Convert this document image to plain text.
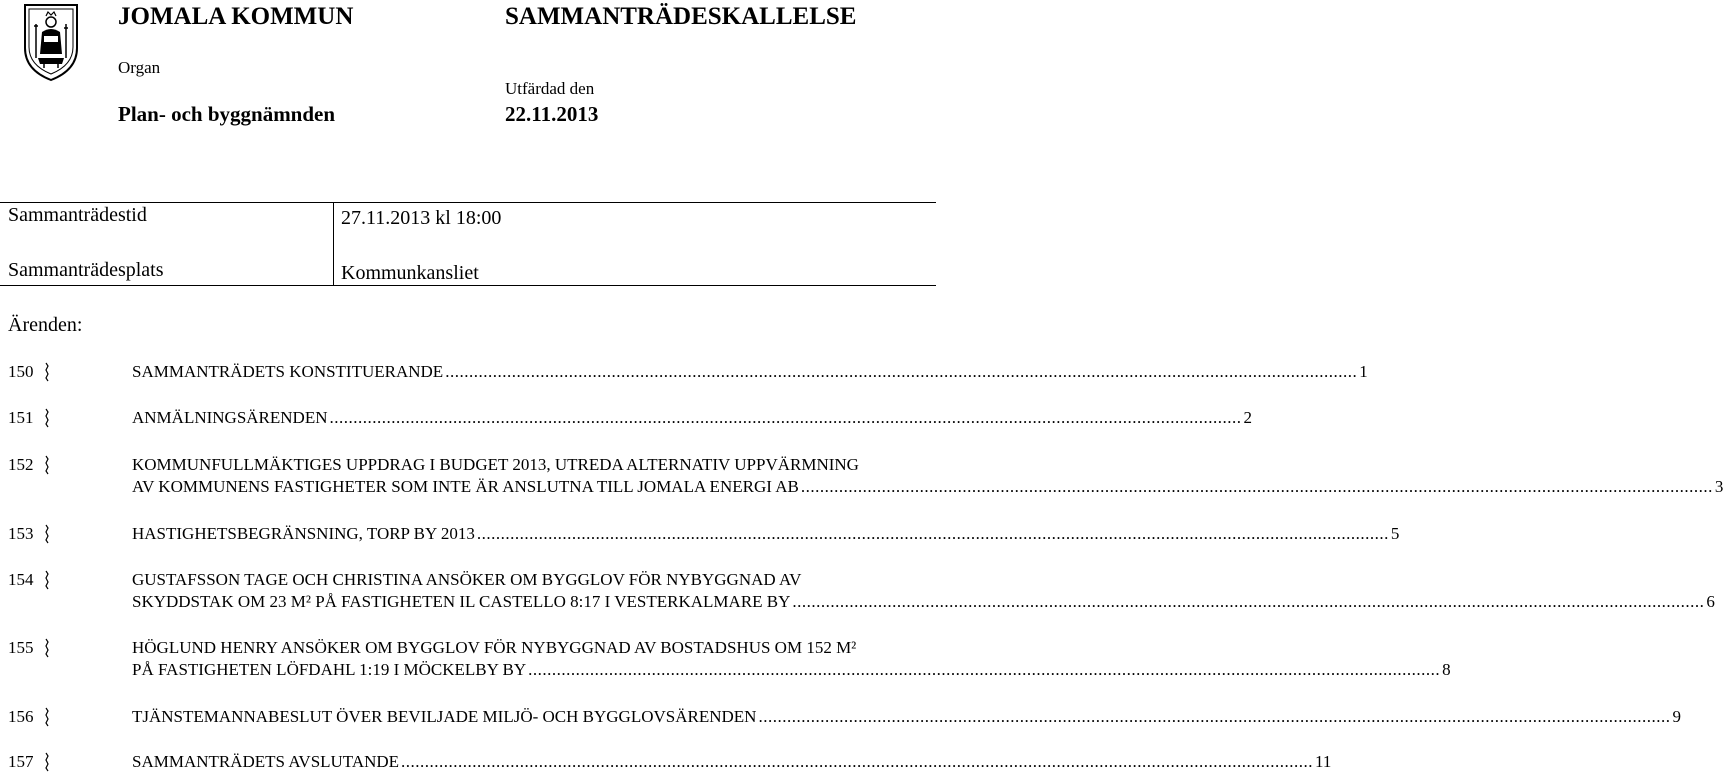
JOMALA KOMMUN	SAMMANTRÄDESKALLELSE
Organ
Utfärdad den
Plan- och byggnämnden	22.11.2013
Sammanträdestid	27.11.2013 kl 18:00
Sammanträdesplats	Kommunkansliet
Ärenden:
150	SAMMANTRÄDETS KONSTITUERANDE ................................................................................................................................................................................................ 1
151	ANMÄLNINGSÄRENDEN ................................................................................................................................................................................................ 2
152	KOMMUNFULLMÄKTIGES UPPDRAG I BUDGET 2013, UTREDA ALTERNATIV UPPVÄRMNING
AV KOMMUNENS FASTIGHETER SOM INTE ÄR ANSLUTNA TILL JOMALA ENERGI AB ................................................................................................................................................................................................ 3
153	HASTIGHETSBEGRÄNSNING, TORP BY 2013 ................................................................................................................................................................................................ 5
154	GUSTAFSSON TAGE OCH CHRISTINA ANSÖKER OM BYGGLOV FÖR NYBYGGNAD AV
SKYDDSTAK OM 23 M² PÅ FASTIGHETEN IL CASTELLO 8:17 I VESTERKALMARE BY ................................................................................................................................................................................................ 6
155	HÖGLUND HENRY ANSÖKER OM BYGGLOV FÖR NYBYGGNAD AV BOSTADSHUS OM 152 M²
PÅ FASTIGHETEN LÖFDAHL 1:19 I MÖCKELBY BY ................................................................................................................................................................................................ 8
156	TJÄNSTEMANNABESLUT ÖVER BEVILJADE MILJÖ- OCH BYGGLOVSÄRENDEN ................................................................................................................................................................................................ 9
157	SAMMANTRÄDETS AVSLUTANDE ................................................................................................................................................................................................ 11
